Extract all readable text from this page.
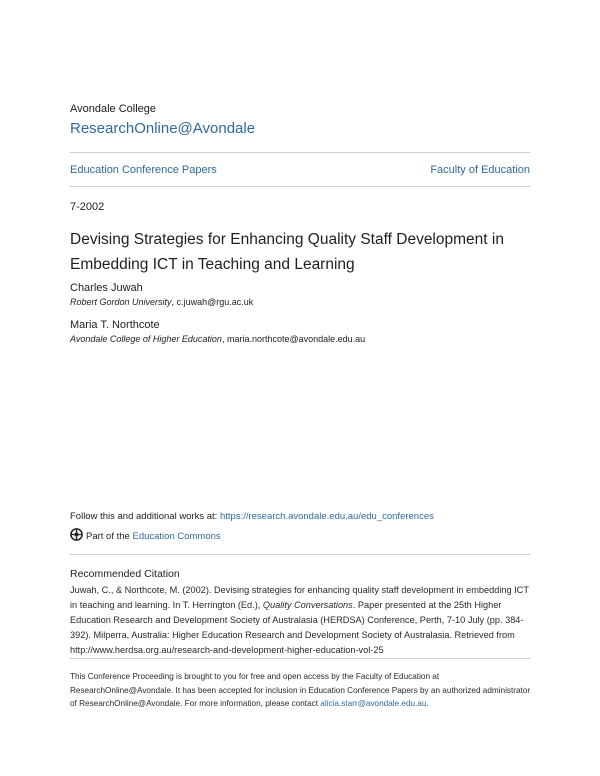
Avondale College
ResearchOnline@Avondale
Education Conference Papers	Faculty of Education
7-2002
Devising Strategies for Enhancing Quality Staff Development in Embedding ICT in Teaching and Learning
Charles Juwah
Robert Gordon University, c.juwah@rgu.ac.uk
Maria T. Northcote
Avondale College of Higher Education, maria.northcote@avondale.edu.au
Follow this and additional works at: https://research.avondale.edu.au/edu_conferences
Part of the Education Commons
Recommended Citation
Juwah, C., & Northcote, M. (2002). Devising strategies for enhancing quality staff development in embedding ICT in teaching and learning. In T. Herrington (Ed.), Quality Conversations. Paper presented at the 25th Higher Education Research and Development Society of Australasia (HERDSA) Conference, Perth, 7-10 July (pp. 384-392). Milperra, Australia: Higher Education Research and Development Society of Australasia. Retrieved from http://www.herdsa.org.au/research-and-development-higher-education-vol-25
This Conference Proceeding is brought to you for free and open access by the Faculty of Education at ResearchOnline@Avondale. It has been accepted for inclusion in Education Conference Papers by an authorized administrator of ResearchOnline@Avondale. For more information, please contact alicia.starr@avondale.edu.au.
